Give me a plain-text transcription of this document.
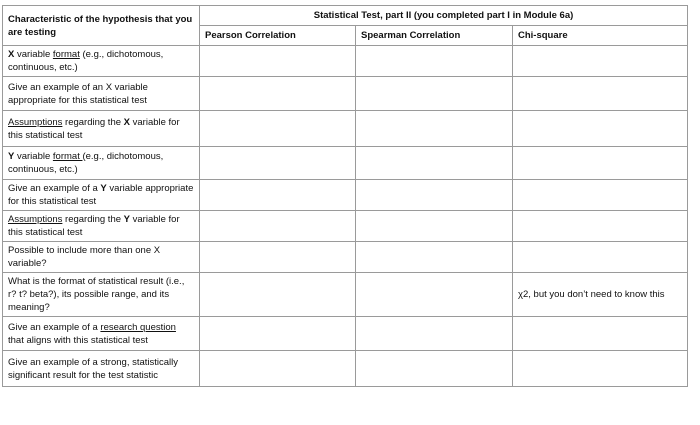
Characteristic of the hypothesis that you are testing	Statistical Test, part II (you completed part I in Module 6a)		
	Pearson Correlation	Spearman Correlation	Chi-square
X variable format (e.g., dichotomous, continuous, etc.)			
Give an example of an X variable appropriate for this statistical test			
Assumptions regarding the X variable for this statistical test			
Y variable format (e.g., dichotomous, continuous, etc.)			
Give an example of a Y variable appropriate for this statistical test			
Assumptions regarding the Y variable for this statistical test			
Possible to include more than one X variable?			
What is the format of statistical result (i.e., r? t? beta?), its possible range, and its meaning?			χ2, but you don’t need to know this
Give an example of a research question that aligns with this statistical test			
Give an example of a strong, statistically significant result for the test statistic			
